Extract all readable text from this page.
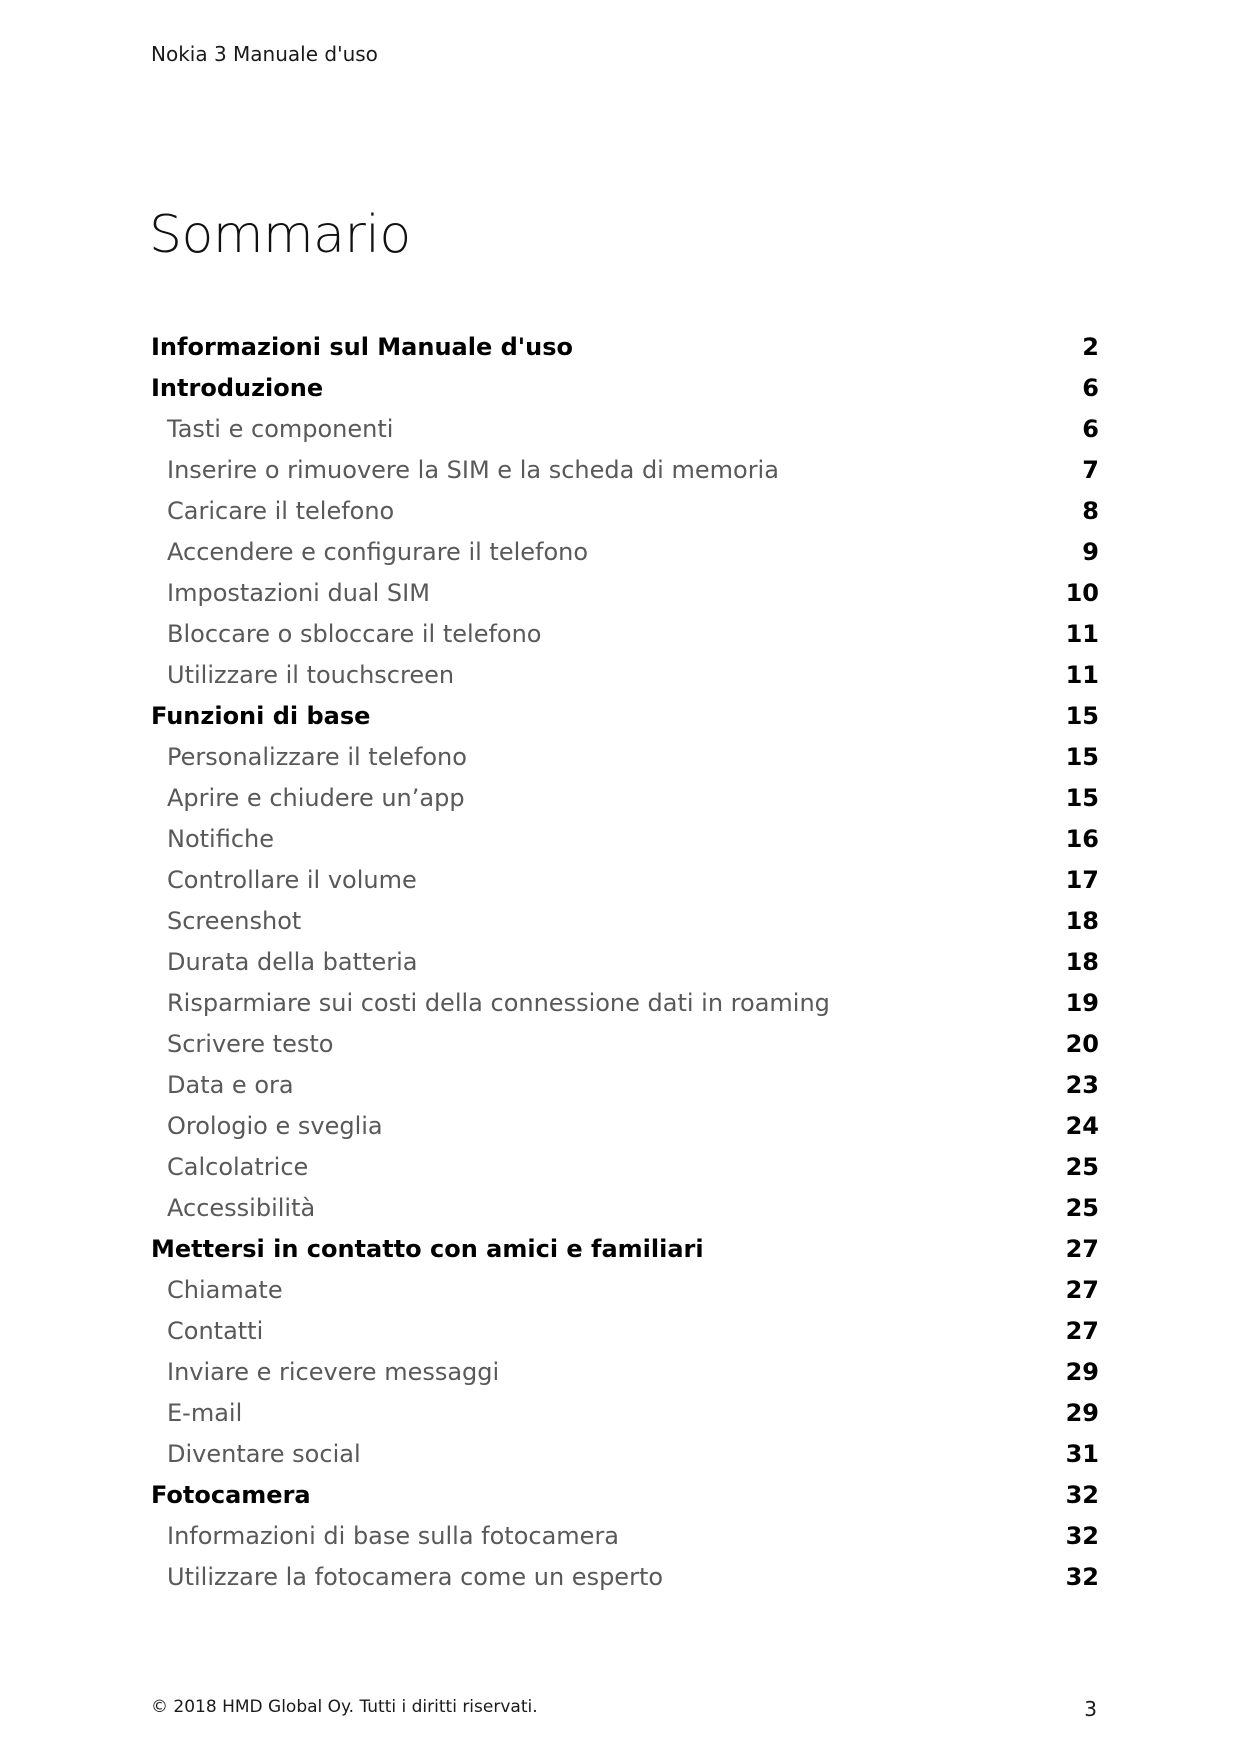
Nokia 3 Manuale d'uso
Sommario
Informazioni sul Manuale d'uso	2
Introduzione	6
Tasti e componenti	6
Inserire o rimuovere la SIM e la scheda di memoria	7
Caricare il telefono	8
Accendere e configurare il telefono	9
Impostazioni dual SIM	10
Bloccare o sbloccare il telefono	11
Utilizzare il touchscreen	11
Funzioni di base	15
Personalizzare il telefono	15
Aprire e chiudere un’app	15
Notifiche	16
Controllare il volume	17
Screenshot	18
Durata della batteria	18
Risparmiare sui costi della connessione dati in roaming	19
Scrivere testo	20
Data e ora	23
Orologio e sveglia	24
Calcolatrice	25
Accessibilità	25
Mettersi in contatto con amici e familiari	27
Chiamate	27
Contatti	27
Inviare e ricevere messaggi	29
E-mail	29
Diventare social	31
Fotocamera	32
Informazioni di base sulla fotocamera	32
Utilizzare la fotocamera come un esperto	32
© 2018 HMD Global Oy. Tutti i diritti riservati.	3
